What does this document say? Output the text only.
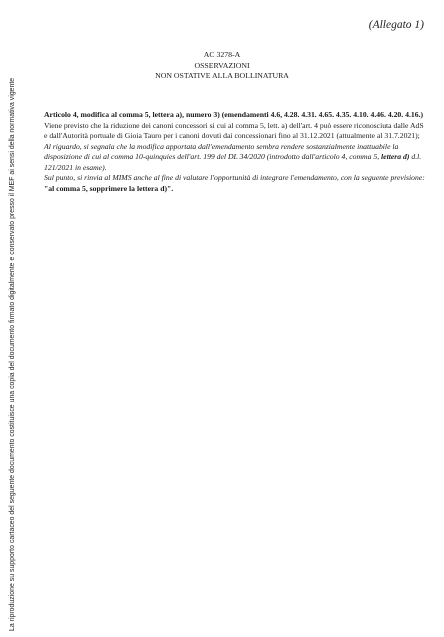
La riproduzione su supporto cartaceo del seguente documento costituisce una copia del documento firmato digitalmente e conservato presso il MEF ai sensi della normativa vigente
(Allegato 1)
AC 3278-A
OSSERVAZIONI
NON OSTATIVE ALLA BOLLINATURA

Articolo 4, modifica al comma 5, lettera a), numero 3) (emendamenti 4.6, 4.28. 4.31. 4.65. 4.35. 4.10. 4.46. 4.20. 4.16.)

Viene previsto che la riduzione dei canoni concessori si cui al comma 5, lett. a) dell'art. 4 può essere riconosciuta dalle AdS e dall'Autorità portuale di Gioia Tauro per i canoni dovuti dai concessionari fino al 31.12.2021 (attualmente al 31.7.2021);

Al riguardo, si segnala che la modifica apportata dall'emendamento sembra rendere sostanzialmente inattuabile la disposizione di cui al comma 10-quinquies dell'art. 199 del DL 34/2020 (introdotto dall'articolo 4, comma 5, lettera d) d.l. 121/2021 in esame).

Sul punto, si rinvia al MIMS anche al fine di valutare l'opportunità di integrare l'emendamento, con la seguente previsione: "al comma 5, sopprimere la lettera d)".
